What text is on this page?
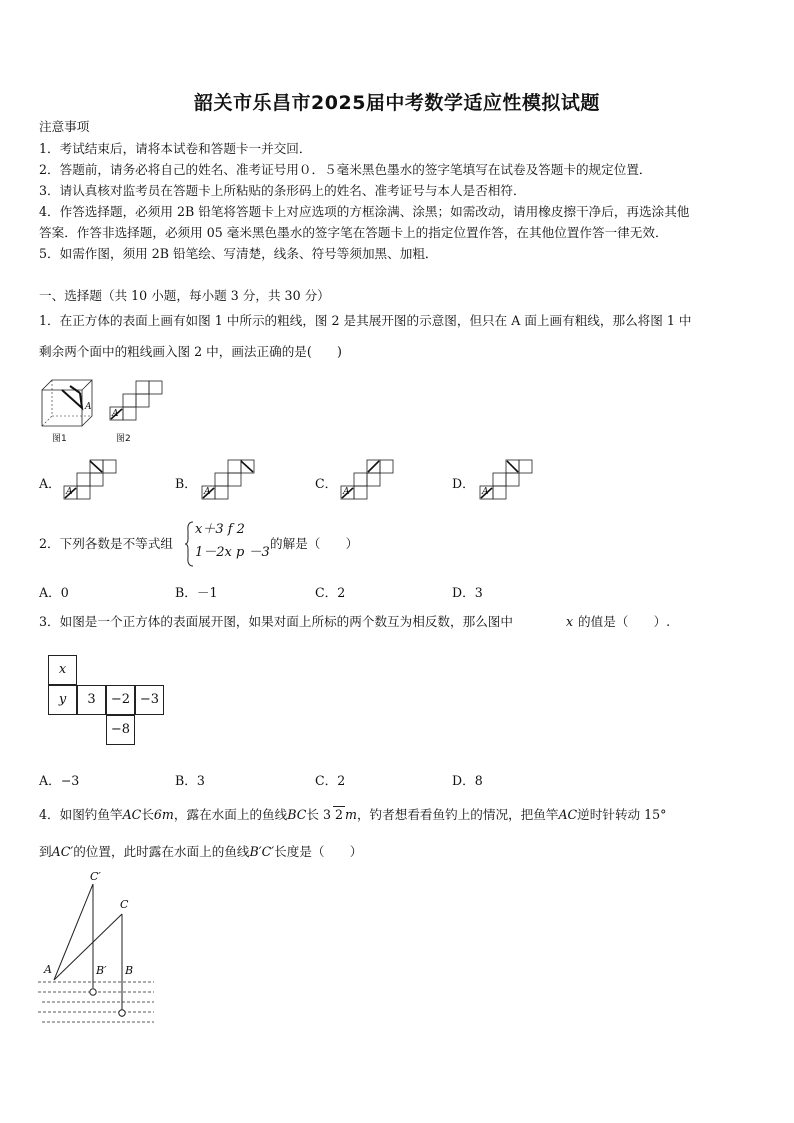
韶关市乐昌市2025届中考数学适应性模拟试题
注意事项
1．考试结束后，请将本试卷和答题卡一并交回．
2．答题前，请务必将自己的姓名、准考证号用０．５毫米黑色墨水的签字笔填写在试卷及答题卡的规定位置．
3．请认真核对监考员在答题卡上所粘贴的条形码上的姓名、准考证号与本人是否相符．
4．作答选择题，必须用 2B 铅笔将答题卡上对应选项的方框涂满、涂黑；如需改动，请用橡皮擦干净后，再选涂其他
答案．作答非选择题，必须用 05 毫米黑色墨水的签字笔在答题卡上的指定位置作答，在其他位置作答一律无效．
5．如需作图，须用 2B 铅笔绘、写清楚，线条、符号等须加黑、加粗．
一、选择题（共 10 小题，每小题 3 分，共 30 分）
1．在正方体的表面上画有如图 1 中所示的粗线，图 2 是其展开图的示意图，但只在 A 面上画有粗线，那么将图 1 中
剩余两个面中的粗线画入图 2 中，画法正确的是(　　)
A
图1
A
图2
A．
A
B．
A
C．
A
D．
A
2．下列各数是不等式组
x＋3 f 2
1－2x p －3
的解是（　　）
A．0	B．－1	C．2	D．3
3．如图是一个正方体的表面展开图，如果对面上所标的两个数互为相反数，那么图中	x 的值是（　　）.
x
y	3	−2 −3
−8
A．−3	B．3	C．2	D．8
4．如图钓鱼竿AC长6m，露在水面上的鱼线BC长 3 2 m，钓者想看看鱼钓上的情况，把鱼竿AC逆时针转动 15°
到AC′的位置，此时露在水面上的鱼线B′C′长度是（　　）
C′
C
A	B′ B
